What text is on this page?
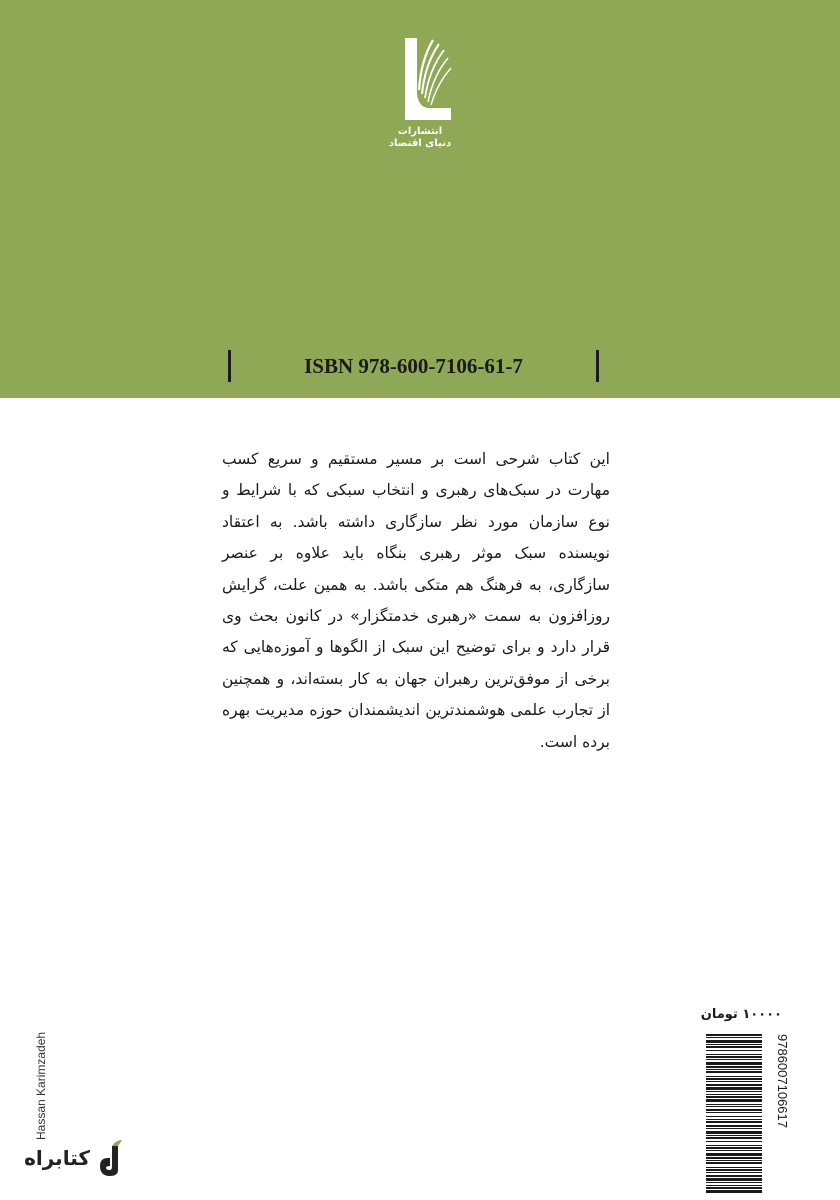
انتشارات
دنیای اقتصاد
ISBN 978-600-7106-61-7

این کتاب شرحی است بر مسیر مستقیم و سریع کسب مهارت در سبک‌های رهبری و انتخاب سبکی که با شرایط و نوع سازمان مورد نظر سازگاری داشته باشد. به اعتقاد نویسنده سبک موثر رهبری بنگاه باید علاوه بر عنصر سازگاری، به فرهنگ هم متکی باشد. به همین علت، گرایش روزافزون به سمت «رهبری خدمتگزار» در کانون بحث وی قرار دارد و برای توضیح این سبک از الگوها و آموزه‌هایی که برخی از موفق‌ترین رهبران جهان به کار بسته‌اند، و همچنین از تجارب علمی هوشمندترین اندیشمندان حوزه مدیریت بهره برده است.

۱۰۰۰۰ تومان
9786007106617
Hassan Karimzadeh
کتابراه
